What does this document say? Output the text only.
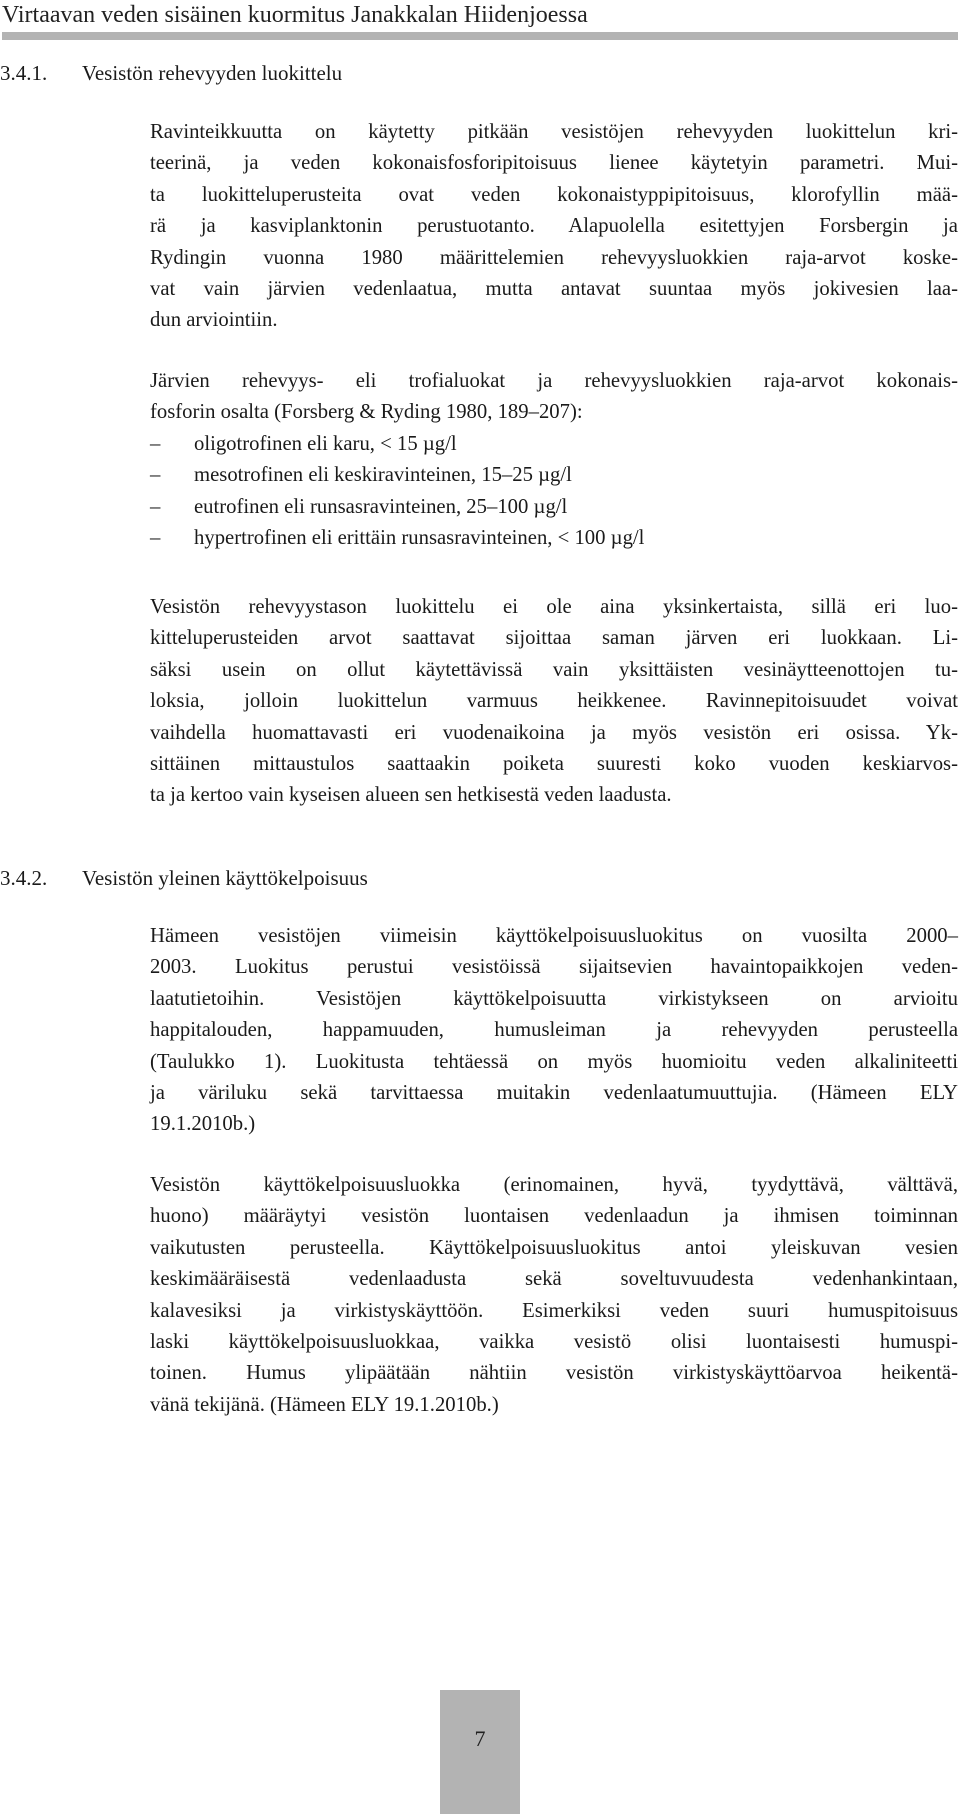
Virtaavan veden sisäinen kuormitus Janakkalan Hiidenjoessa
3.4.1. Vesistön rehevyyden luokittelu
Ravinteikkuutta on käytetty pitkään vesistöjen rehevyyden luokittelun kri-
teerinä, ja veden kokonaisfosforipitoisuus lienee käytetyin parametri. Mui-
ta luokitteluperusteita ovat veden kokonaistyppipitoisuus, klorofyllin mää-
rä ja kasviplanktonin perustuotanto. Alapuolella esitettyjen Forsbergin ja
Rydingin vuonna 1980 määrittelemien rehevyysluokkien raja-arvot koske-
vat vain järvien vedenlaatua, mutta antavat suuntaa myös jokivesien laa-
dun arviointiin.
Järvien rehevyys- eli trofialuokat ja rehevyysluokkien raja-arvot kokonais-
fosforin osalta (Forsberg & Ryding 1980, 189–207):
–	oligotrofinen eli karu, < 15 µg/l
–	mesotrofinen eli keskiravinteinen, 15–25 µg/l
–	eutrofinen eli runsasravinteinen, 25–100 µg/l
–	hypertrofinen eli erittäin runsasravinteinen, < 100 µg/l
Vesistön rehevyystason luokittelu ei ole aina yksinkertaista, sillä eri luo-
kitteluperusteiden arvot saattavat sijoittaa saman järven eri luokkaan. Li-
säksi usein on ollut käytettävissä vain yksittäisten vesinäytteenottojen tu-
loksia, jolloin luokittelun varmuus heikkenee. Ravinnepitoisuudet voivat
vaihdella huomattavasti eri vuodenaikoina ja myös vesistön eri osissa. Yk-
sittäinen mittaustulos saattaakin poiketa suuresti koko vuoden keskiarvos-
ta ja kertoo vain kyseisen alueen sen hetkisestä veden laadusta.
3.4.2. Vesistön yleinen käyttökelpoisuus
Hämeen vesistöjen viimeisin käyttökelpoisuusluokitus on vuosilta 2000–
2003. Luokitus perustui vesistöissä sijaitsevien havaintopaikkojen veden-
laatutietoihin. Vesistöjen käyttökelpoisuutta virkistykseen on arvioitu
happitalouden, happamuuden, humusleiman ja rehevyyden perusteella
(Taulukko 1). Luokitusta tehtäessä on myös huomioitu veden alkaliniteetti
ja väriluku sekä tarvittaessa muitakin vedenlaatumuuttujia. (Hämeen ELY
19.1.2010b.)
Vesistön käyttökelpoisuusluokka (erinomainen, hyvä, tyydyttävä, välttävä,
huono) määräytyi vesistön luontaisen vedenlaadun ja ihmisen toiminnan
vaikutusten perusteella. Käyttökelpoisuusluokitus antoi yleiskuvan vesien
keskimääräisestä vedenlaadusta sekä soveltuvuudesta vedenhankintaan,
kalavesiksi ja virkistyskäyttöön. Esimerkiksi veden suuri humuspitoisuus
laski käyttökelpoisuusluokkaa, vaikka vesistö olisi luontaisesti humuspi-
toinen. Humus ylipäätään nähtiin vesistön virkistyskäyttöarvoa heikentä-
vänä tekijänä. (Hämeen ELY 19.1.2010b.)
7
